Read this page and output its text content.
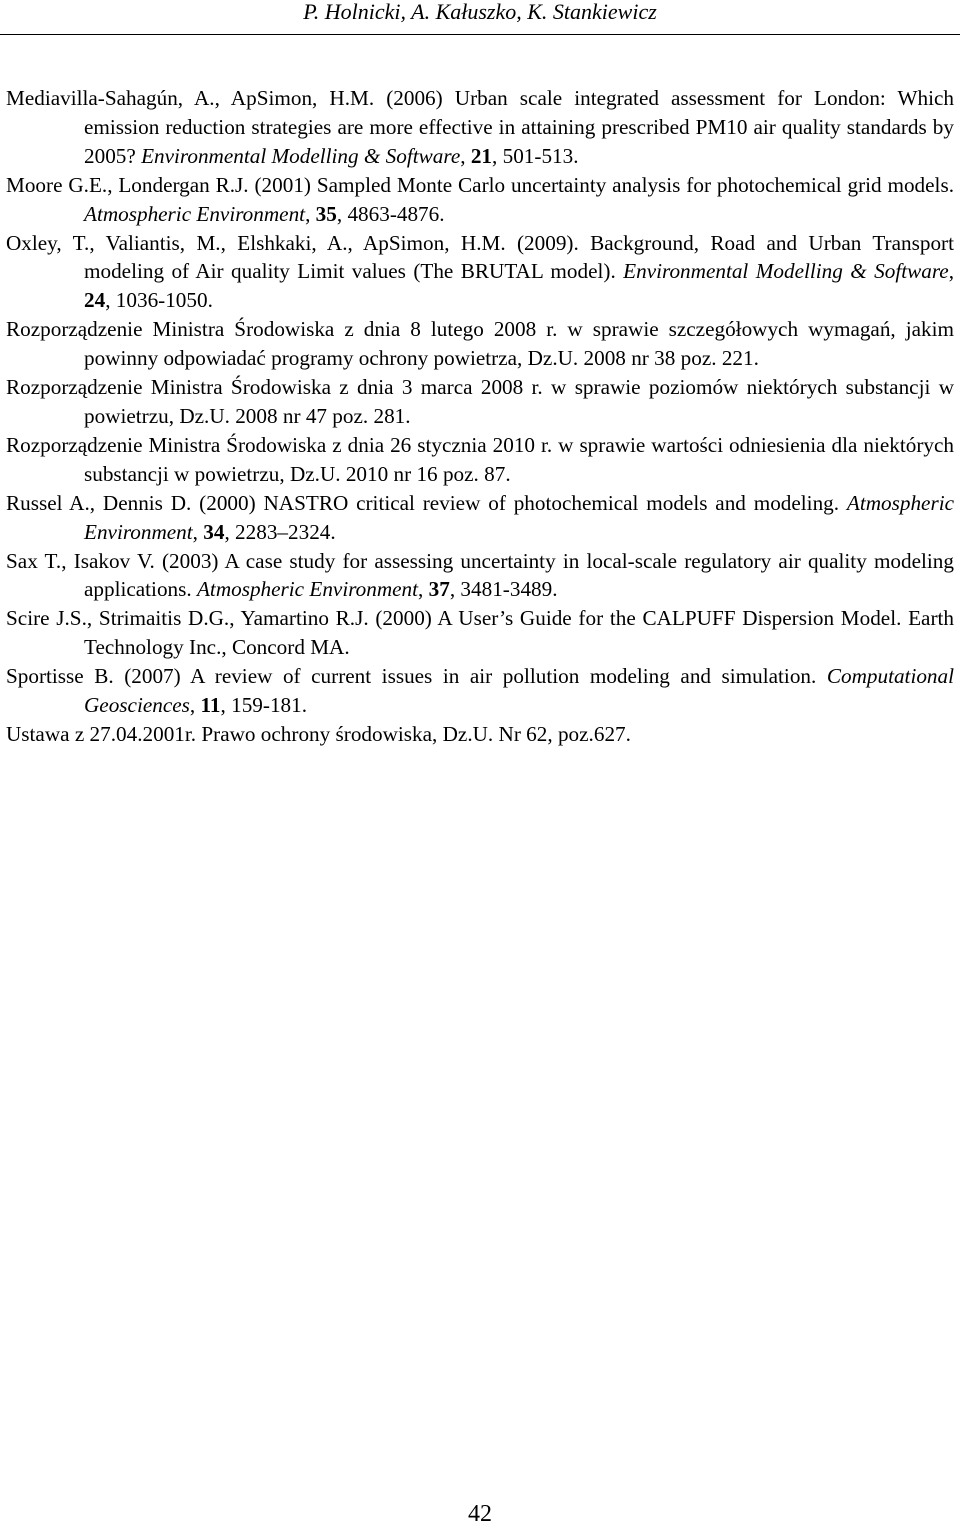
P. Holnicki, A. Kałuszko, K. Stankiewicz

Mediavilla-Sahagún, A., ApSimon, H.M. (2006) Urban scale integrated assessment for London: Which emission reduction strategies are more effective in attaining prescribed PM10 air quality standards by 2005? Environmental Modelling & Software, 21, 501-513.

Moore G.E., Londergan R.J. (2001) Sampled Monte Carlo uncertainty analysis for photochemical grid models. Atmospheric Environment, 35, 4863-4876.

Oxley, T., Valiantis, M., Elshkaki, A., ApSimon, H.M. (2009). Background, Road and Urban Transport modeling of Air quality Limit values (The BRUTAL model). Environmental Modelling & Software, 24, 1036-1050.

Rozporządzenie Ministra Środowiska z dnia 8 lutego 2008 r. w sprawie szczegółowych wymagań, jakim powinny odpowiadać programy ochrony powietrza, Dz.U. 2008 nr 38 poz. 221.

Rozporządzenie Ministra Środowiska z dnia 3 marca 2008 r. w sprawie poziomów niektórych substancji w powietrzu, Dz.U. 2008 nr 47 poz. 281.

Rozporządzenie Ministra Środowiska z dnia 26 stycznia 2010 r. w sprawie wartości odniesienia dla niektórych substancji w powietrzu, Dz.U. 2010 nr 16 poz. 87.

Russel A., Dennis D. (2000) NASTRO critical review of photochemical models and modeling. Atmospheric Environment, 34, 2283–2324.

Sax T., Isakov V. (2003) A case study for assessing uncertainty in local-scale regulatory air quality modeling applications. Atmospheric Environment, 37, 3481-3489.

Scire J.S., Strimaitis D.G., Yamartino R.J. (2000) A User’s Guide for the CALPUFF Dispersion Model. Earth Technology Inc., Concord MA.

Sportisse B. (2007) A review of current issues in air pollution modeling and simulation. Computational Geosciences, 11, 159-181.

Ustawa z 27.04.2001r. Prawo ochrony środowiska, Dz.U. Nr 62, poz.627.

42
